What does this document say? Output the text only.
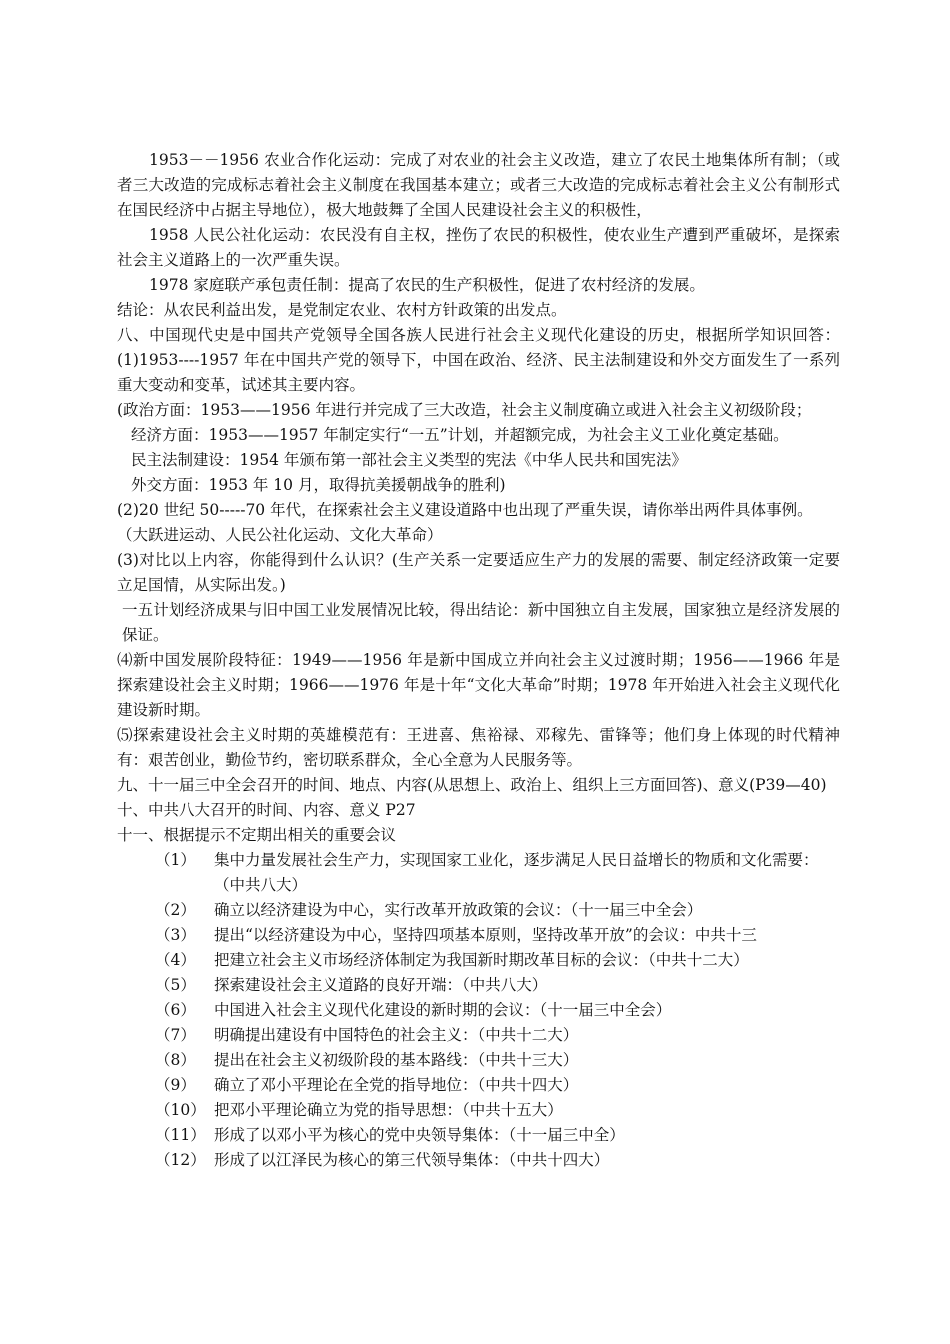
1953－－1956 农业合作化运动：完成了对农业的社会主义改造，建立了农民土地集体所有制；（或者三大改造的完成标志着社会主义制度在我国基本建立；或者三大改造的完成标志着社会主义公有制形式在国民经济中占据主导地位），极大地鼓舞了全国人民建设社会主义的积极性，

1958 人民公社化运动：农民没有自主权，挫伤了农民的积极性，使农业生产遭到严重破坏，是探索社会主义道路上的一次严重失误。

1978 家庭联产承包责任制：提高了农民的生产积极性，促进了农村经济的发展。

结论：从农民利益出发，是党制定农业、农村方针政策的出发点。

八、中国现代史是中国共产党领导全国各族人民进行社会主义现代化建设的历史，根据所学知识回答：(1)1953----1957 年在中国共产党的领导下，中国在政治、经济、民主法制建设和外交方面发生了一系列重大变动和变革，试述其主要内容。

(政治方面：1953——1956 年进行并完成了三大改造，社会主义制度确立或进入社会主义初级阶段；

经济方面：1953——1957 年制定实行“一五”计划，并超额完成，为社会主义工业化奠定基础。

民主法制建设：1954 年颁布第一部社会主义类型的宪法《中华人民共和国宪法》

外交方面：1953 年 10 月，取得抗美援朝战争的胜利)

(2)20 世纪 50-----70 年代，在探索社会主义建设道路中也出现了严重失误，请你举出两件具体事例。

（大跃进运动、人民公社化运动、文化大革命）

(3)对比以上内容，你能得到什么认识？(生产关系一定要适应生产力的发展的需要、制定经济政策一定要立足国情，从实际出发。)

一五计划经济成果与旧中国工业发展情况比较，得出结论：新中国独立自主发展，国家独立是经济发展的保证。

⑷新中国发展阶段特征：1949——1956 年是新中国成立并向社会主义过渡时期；1956——1966 年是探索建设社会主义时期；1966——1976 年是十年“文化大革命”时期；1978 年开始进入社会主义现代化建设新时期。

⑸探索建设社会主义时期的英雄模范有：王进喜、焦裕禄、邓稼先、雷锋等；他们身上体现的时代精神有：艰苦创业，勤俭节约，密切联系群众，全心全意为人民服务等。

九、十一届三中全会召开的时间、地点、内容(从思想上、政治上、组织上三方面回答)、意义(P39—40)

十、中共八大召开的时间、内容、意义 P27

十一、根据提示不定期出相关的重要会议

（1）	集中力量发展社会生产力，实现国家工业化，逐步满足人民日益增长的物质和文化需要：（中共八大）
（2）	确立以经济建设为中心，实行改革开放政策的会议：（十一届三中全会）
（3）	提出“以经济建设为中心，坚持四项基本原则，坚持改革开放”的会议：中共十三
（4）	把建立社会主义市场经济体制定为我国新时期改革目标的会议：（中共十二大）
（5）	探索建设社会主义道路的良好开端：（中共八大）
（6）	中国进入社会主义现代化建设的新时期的会议：（十一届三中全会）
（7）	明确提出建设有中国特色的社会主义：（中共十二大）
（8）	提出在社会主义初级阶段的基本路线：（中共十三大）
（9）	确立了邓小平理论在全党的指导地位：（中共十四大）
（10） 把邓小平理论确立为党的指导思想：（中共十五大）
（11） 形成了以邓小平为核心的党中央领导集体：（十一届三中全）
（12） 形成了以江泽民为核心的第三代领导集体：（中共十四大）
